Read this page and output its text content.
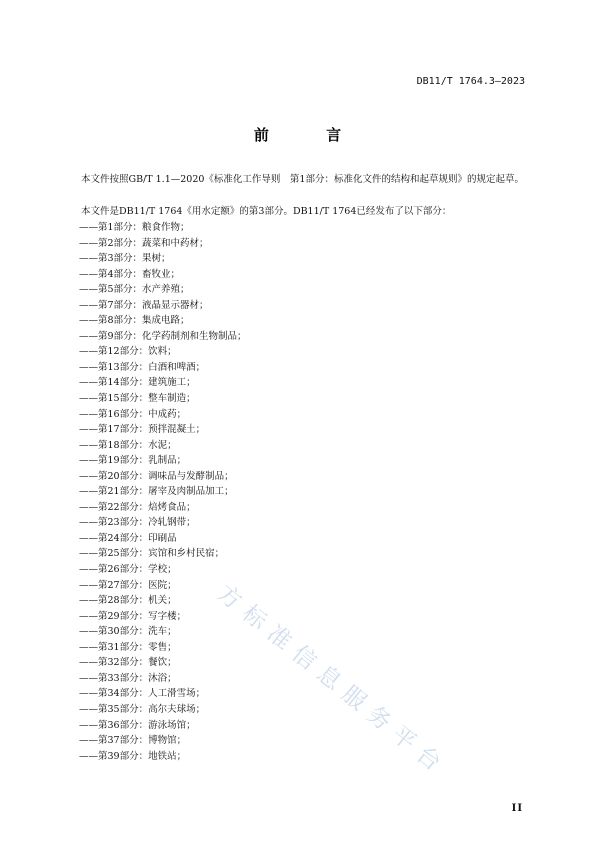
DB11/T 1764.3—2023
前 言
本文件按照GB/T 1.1—2020《标准化工作导则　第1部分：标准化文件的结构和起草规则》的规定起草。
本文件是DB11/T 1764《用水定额》的第3部分。DB11/T 1764已经发布了以下部分：
——第1部分：粮食作物；
——第2部分：蔬菜和中药材；
——第3部分：果树；
——第4部分：畜牧业；
——第5部分：水产养殖；
——第7部分：液晶显示器材；
——第8部分：集成电路；
——第9部分：化学药制剂和生物制品；
——第12部分：饮料；
——第13部分：白酒和啤酒；
——第14部分：建筑施工；
——第15部分：整车制造；
——第16部分：中成药；
——第17部分：预拌混凝土；
——第18部分：水泥；
——第19部分：乳制品；
——第20部分：调味品与发酵制品；
——第21部分：屠宰及肉制品加工；
——第22部分：焙烤食品；
——第23部分：冷轧钢带；
——第24部分：印刷品
——第25部分：宾馆和乡村民宿；
——第26部分：学校；
——第27部分：医院；
——第28部分：机关；
——第29部分：写字楼；
——第30部分：洗车；
——第31部分：零售；
——第32部分：餐饮；
——第33部分：沐浴；
——第34部分：人工滑雪场；
——第35部分：高尔夫球场；
——第36部分：游泳场馆；
——第37部分：博物馆；
——第39部分：地铁站；
II
方标准信息服务平台
